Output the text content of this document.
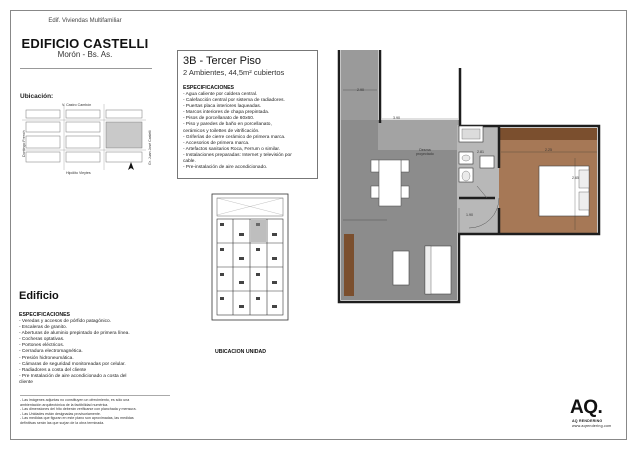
Edif. Viviendas Multifamiliar
EDIFICIO CASTELLI
Morón - Bs. As.
Ubicación:
V. Castro Cambón
Hipólito Vieytes
Domingo French	Gr. Juan José Castelli
Edificio
ESPECIFICACIONES
- Veredas y accesos de pórfido patagónico.
- Escaleras de granito.
- Aberturas de aluminio prepintado de primera línea.
- Cocheras optativas.
- Portones eléctricos.
- Cerradura electromagnética.
- Presión hidroneumática.
- Cámaras de seguridad monitoreadas por celular.
- Radiadores a costa del cliente
- Pre Instalación de aire acondicionado a costa del
cliente
- Las imágenes adjuntas no constituyen un ofrecimiento, es sólo una
ambientación arquitectónica de la factibilidad numérica.
- Las dimensiones del hito deberán verificarse con planchada y mensura.
- Las Unidades están designadas provisoriamente.
- Las medidas que figuran en este plano son aproximadas, las medidas
definitivas serán las que surjan de la obra terminada.
3B - Tercer Piso
2 Ambientes, 44,5m² cubiertos
ESPECIFICACIONES
- Agua caliente por caldera central.
- Calefacción central por sistema de radiadores.
- Puertas placa interiores laqueadas.
- Marcos interiores de chapa prepintada.
- Pisos de porcellanato de 60x60.
- Piso y paredes de baño en porcellanato,
cerámicos y toilettes de vitrificación.
- Griferías de cierre cerámico de primera marca.
- Accesorios de primera marca.
- Artefactos sanitarios Roca, Ferrum o similar.
- Instalaciones preparadas: Internet y televisión por
cable.
- Pre-instalación de aire acondicionado.
UBICACION UNIDAD
2.90
3.90
2.25
2.81
2.65
1.90
Desma
proyectado
AQ.
AQ RENDERING
www.aqrendering.com
